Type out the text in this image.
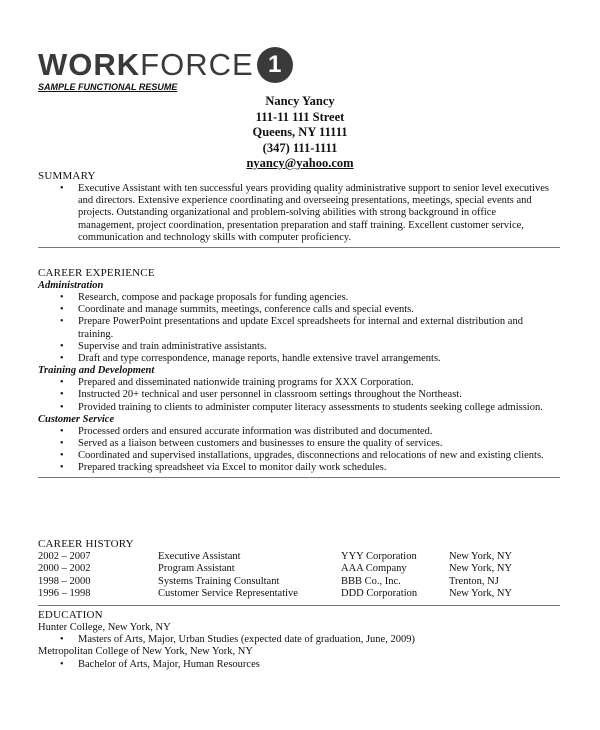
WORK FORCE 1
SAMPLE FUNCTIONAL RESUME
Nancy Yancy
111-11 111 Street
Queens, NY 11111
(347) 111-1111
nyancy@yahoo.com
SUMMARY
• Executive Assistant with ten successful years providing quality administrative support to senior level executives and directors. Extensive experience coordinating and overseeing presentations, meetings, special events and projects. Outstanding organizational and problem-solving abilities with strong background in office management, project coordination, presentation preparation and staff training. Excellent customer service, communication and technology skills with computer proficiency.
CAREER EXPERIENCE
Administration
• Research, compose and package proposals for funding agencies.
• Coordinate and manage summits, meetings, conference calls and special events.
• Prepare PowerPoint presentations and update Excel spreadsheets for internal and external distribution and training.
• Supervise and train administrative assistants.
• Draft and type correspondence, manage reports, handle extensive travel arrangements.
Training and Development
• Prepared and disseminated nationwide training programs for XXX Corporation.
• Instructed 20+ technical and user personnel in classroom settings throughout the Northeast.
• Provided training to clients to administer computer literacy assessments to students seeking college admission.
Customer Service
• Processed orders and ensured accurate information was distributed and documented.
• Served as a liaison between customers and businesses to ensure the quality of services.
• Coordinated and supervised installations, upgrades, disconnections and relocations of new and existing clients.
• Prepared tracking spreadsheet via Excel to monitor daily work schedules.
CAREER HISTORY
2002 – 2007	Executive Assistant	YYY Corporation	New York, NY
2000 – 2002	Program Assistant	AAA Company	New York, NY
1998 – 2000	Systems Training Consultant	BBB Co., Inc.	Trenton, NJ
1996 – 1998	Customer Service Representative	DDD Corporation	New York, NY
EDUCATION
Hunter College, New York, NY
• Masters of Arts, Major, Urban Studies (expected date of graduation, June, 2009)
Metropolitan College of New York, New York, NY
• Bachelor of Arts, Major, Human Resources
